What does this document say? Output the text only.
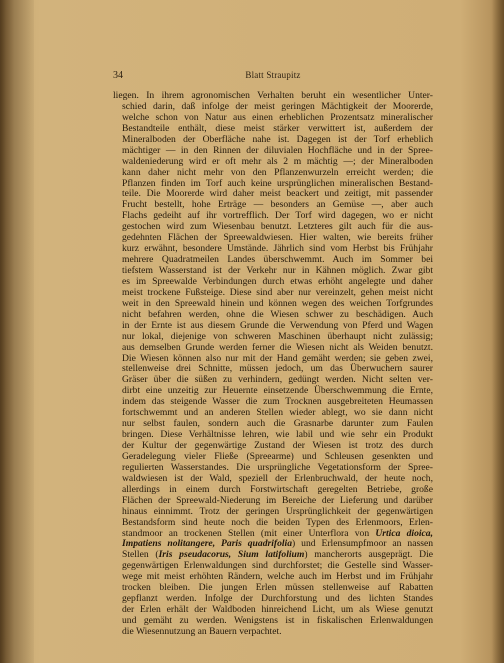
34	Blatt Straupitz
liegen. In ihrem agronomischen Verhalten beruht ein wesentlicher Unter-
schied darin, daß infolge der meist geringen Mächtigkeit der Moorerde,
welche schon von Natur aus einen erheblichen Prozentsatz mineralischer
Bestandteile enthält, diese meist stärker verwittert ist, außerdem der
Mineralboden der Oberfläche nahe ist. Dagegen ist der Torf erheblich
mächtiger — in den Rinnen der diluvialen Hochfläche und in der Spree-
waldeniederung wird er oft mehr als 2 m mächtig —; der Mineralboden
kann daher nicht mehr von den Pflanzenwurzeln erreicht werden; die
Pflanzen finden im Torf auch keine ursprünglichen mineralischen Bestand-
teile. Die Moorerde wird daher meist beackert und zeitigt, mit passender
Frucht bestellt, hohe Erträge — besonders an Gemüse —, aber auch
Flachs gedeiht auf ihr vortrefflich. Der Torf wird dagegen, wo er nicht
gestochen wird zum Wiesenbau benutzt. Letzteres gilt auch für die aus-
gedehnten Flächen der Spreewaldwiesen. Hier walten, wie bereits früher
kurz erwähnt, besondere Umstände. Jährlich sind vom Herbst bis Frühjahr
mehrere Quadratmeilen Landes überschwemmt. Auch im Sommer bei
tiefstem Wasserstand ist der Verkehr nur in Kähnen möglich. Zwar gibt
es im Spreewalde Verbindungen durch etwas erhöht angelegte und daher
meist trockene Fußsteige. Diese sind aber nur vereinzelt, gehen meist nicht
weit in den Spreewald hinein und können wegen des weichen Torfgrundes
nicht befahren werden, ohne die Wiesen schwer zu beschädigen. Auch
in der Ernte ist aus diesem Grunde die Verwendung von Pferd und Wagen
nur lokal, diejenige von schweren Maschinen überhaupt nicht zulässig;
aus demselben Grunde werden ferner die Wiesen nicht als Weiden benutzt.
Die Wiesen können also nur mit der Hand gemäht werden; sie geben zwei,
stellenweise drei Schnitte, müssen jedoch, um das Überwuchern saurer
Gräser über die süßen zu verhindern, gedüngt werden. Nicht selten ver-
dirbt eine unzeitig zur Heuernte einsetzende Überschwemmung die Ernte,
indem das steigende Wasser die zum Trocknen ausgebreiteten Heumassen
fortschwemmt und an anderen Stellen wieder ablegt, wo sie dann nicht
nur selbst faulen, sondern auch die Grasnarbe darunter zum Faulen
bringen. Diese Verhältnisse lehren, wie labil und wie sehr ein Produkt
der Kultur der gegenwärtige Zustand der Wiesen ist trotz des durch
Geradelegung vieler Fließe (Spreearme) und Schleusen gesenkten und
regulierten Wasserstandes. Die ursprüngliche Vegetationsform der Spree-
waldwiesen ist der Wald, speziell der Erlenbruchwald, der heute noch,
allerdings in einem durch Forstwirtschaft geregelten Betriebe, große
Flächen der Spreewald-Niederung im Bereiche der Lieferung und darüber
hinaus einnimmt. Trotz der geringen Ursprünglichkeit der gegenwärtigen
Bestandsform sind heute noch die beiden Typen des Erlenmoors, Erlen-
standmoor an trockenen Stellen (mit einer Unterflora von Urtica dioica,
Impatiens nolitangere, Paris quadrifolia) und Erlensumpfmoor an nassen
Stellen (Iris pseudacorus, Sium latifolium) mancherorts ausgeprägt. Die
gegenwärtigen Erlenwaldungen sind durchforstet; die Gestelle sind Wasser-
wege mit meist erhöhten Rändern, welche auch im Herbst und im Frühjahr
trocken bleiben. Die jungen Erlen müssen stellenweise auf Rabatten
gepflanzt werden. Infolge der Durchforstung und des lichten Standes
der Erlen erhält der Waldboden hinreichend Licht, um als Wiese genutzt
und gemäht zu werden. Wenigstens ist in fiskalischen Erlenwaldungen
die Wiesennutzung an Bauern verpachtet.
